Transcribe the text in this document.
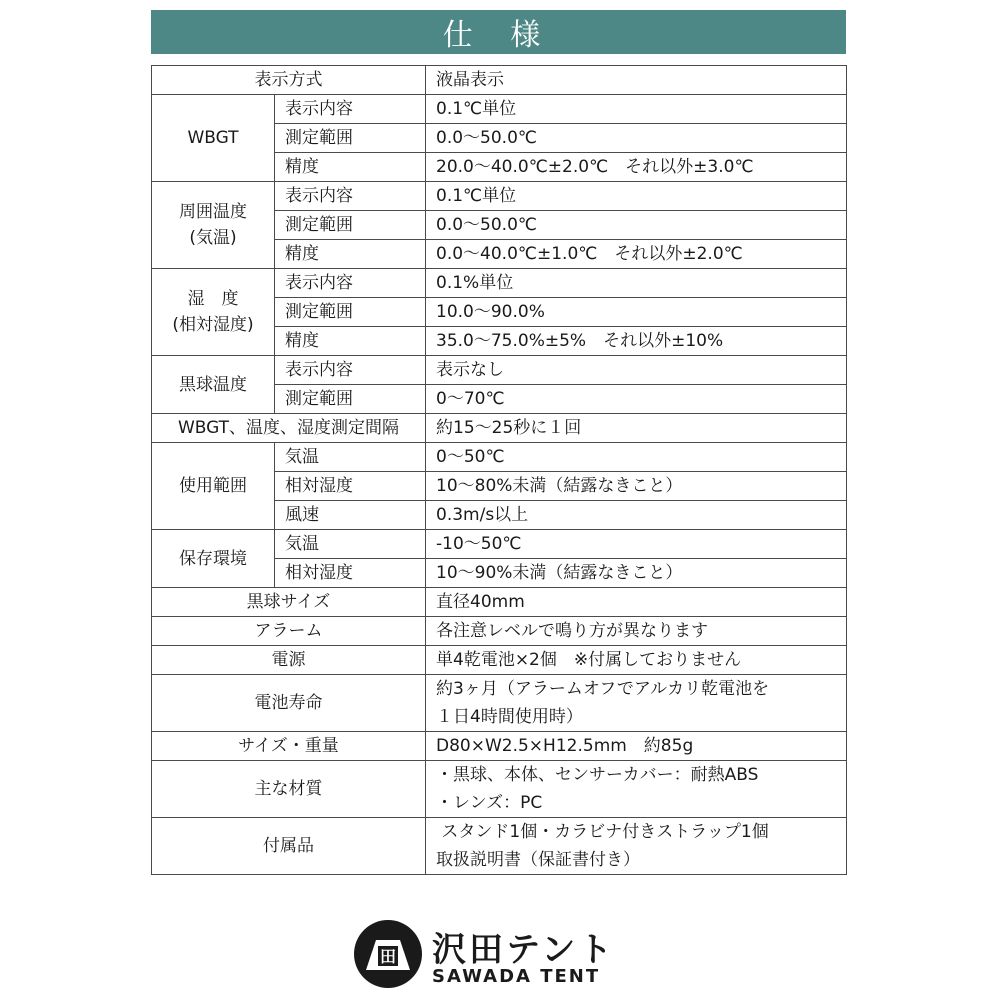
仕 様
表示方式		液晶表示
WBGT	表示内容	0.1℃単位
	測定範囲	0.0〜50.0℃
	精度	20.0〜40.0℃±2.0℃　それ以外±3.0℃

周囲温度
(気温)	表示内容	0.1℃単位
	測定範囲	0.0〜50.0℃
	精度	0.0〜40.0℃±1.0℃　それ以外±2.0℃

湿　度
(相対湿度)	表示内容	0.1%単位
	測定範囲	10.0〜90.0%
	精度	35.0〜75.0%±5%　それ以外±10%
黒球温度	表示内容	表示なし
	測定範囲	0〜70℃
WBGT、温度、湿度測定間隔		約15〜25秒に１回
使用範囲	気温	0〜50℃
	相対湿度	10〜80%未満（結露なきこと）
	風速	0.3m/s以上
保存環境	気温	-10〜50℃
	相対湿度	10〜90%未満（結露なきこと）
黒球サイズ		直径40mm
アラーム		各注意レベルで鳴り方が異なります
電源		単4乾電池×2個　※付属しておりません
電池寿命		約3ヶ月（アラームオフでアルカリ乾電池を
１日4時間使用時）

サイズ・重量		D80×W2.5×H12.5mm　約85g
主な材質		・黒球、本体、センサーカバー：耐熱ABS
・レンズ：PC

付属品		スタンド1個・カラビナ付きストラップ1個
取扱説明書（保証書付き）
田 沢田テント
SAWADA TENT
